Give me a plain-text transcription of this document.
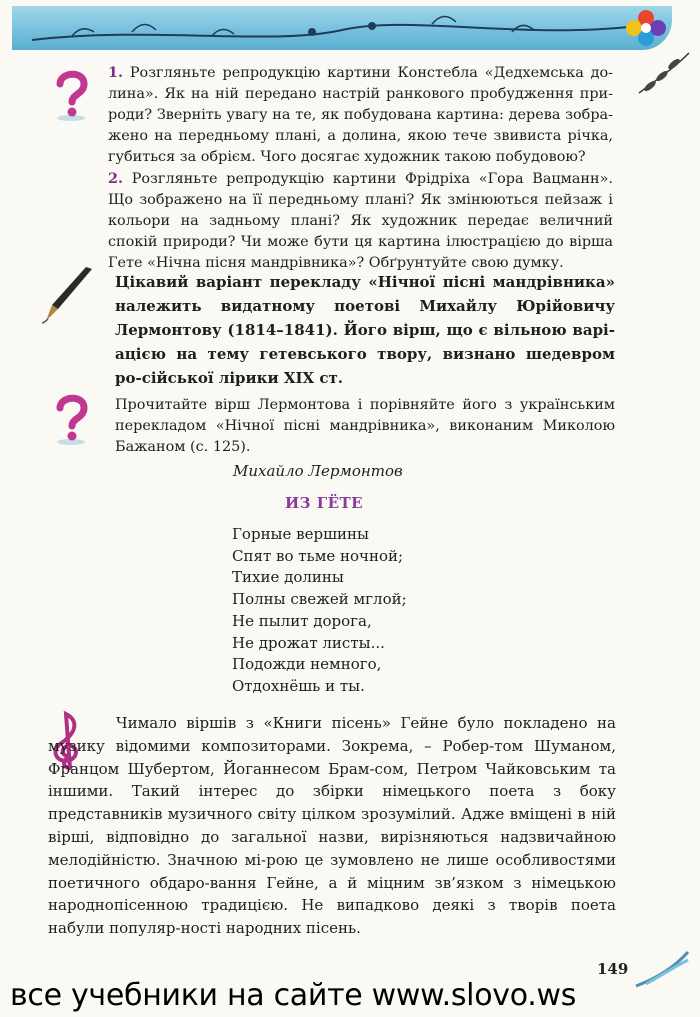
1. Розгляньте репродукцію картини Констебла «Дедхемська до-лина». Як на ній передано настрій ранкового пробудження при-роди? Зверніть увагу на те, як побудована картина: дерева зобра-жено на передньому плані, а долина, якою тече звивиста річка, губиться за обрієм. Чого досягає художник такою побудовою?

2. Розгляньте репродукцію картини Фрідріха «Гора Вацманн». Що зображено на її передньому плані? Як змінюються пейзаж і кольори на задньому плані? Як художник передає величний спокій природи? Чи може бути ця картина ілюстрацією до вірша Гете «Нічна пісня мандрівника»? Обґрунтуйте свою думку.

Цікавий варіант перекладу «Нічної пісні мандрівника» належить видатному поетові Михайлу Юрійовичу Лермонтову (1814–1841). Його вірш, що є вільною варі-ацією на тему гетевського твору, визнано шедевром ро-сійської лірики XIX ст.

Прочитайте вірш Лермонтова і порівняйте його з українським перекладом «Нічної пісні мандрівника», виконаним Миколою Бажаном (с. 125).

Михайло Лермонтов
ИЗ ГЁТЕ
Горные вершины
Спят во тьме ночной;
Тихие долины
Полны свежей мглой;
Не пылит дорога,
Не дрожат листы...
Подожди немного,
Отдохнёшь и ты.

Чимало віршів з «Книги пісень» Гейне було покладено на музику відомими композиторами. Зокрема, – Робер-том Шуманом, Францом Шубертом, Йоганнесом Брам-сом, Петром Чайковським та іншими. Такий інтерес до збірки німецького поета з боку представників музичного світу цілком зрозумілий. Адже вміщені в ній вірші, відповідно до загальної назви, вирізняються надзвичайною мелодійністю. Значною мі-рою це зумовлено не лише особливостями поетичного обдаро-вання Гейне, а й міцним зв’язком з німецькою народнопісенною традицією. Не випадково деякі з творів поета набули популяр-ності народних пісень.

149
все учебники на сайте www.slovo.ws
